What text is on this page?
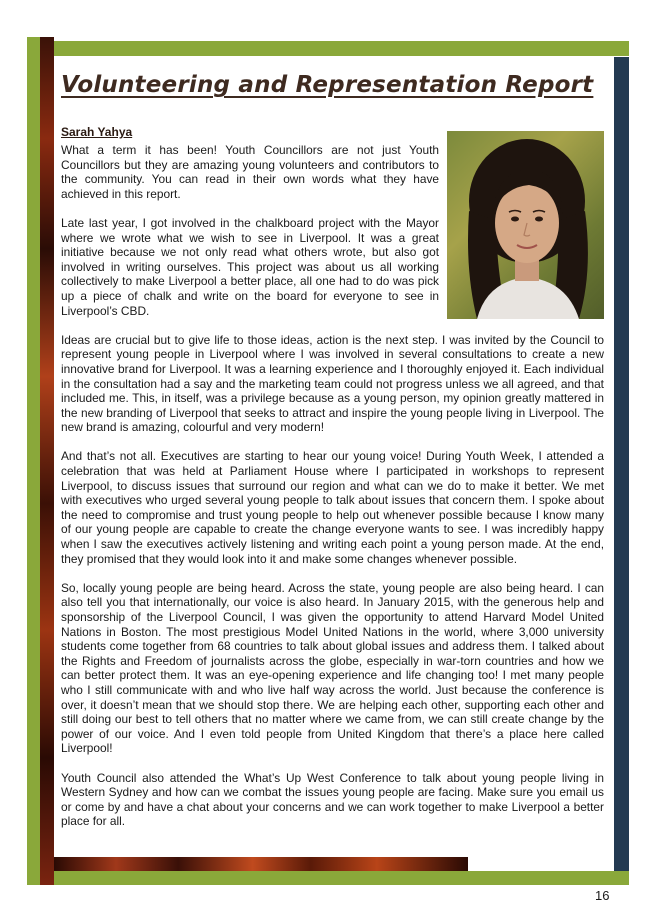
Volunteering and Representation Report
Sarah Yahya

What a term it has been! Youth Councillors are not just Youth Councillors but they are amazing young volunteers and contributors to the community. You can read in their own words what they have achieved in this report.

Late last year, I got involved in the chalkboard project with the Mayor where we wrote what we wish to see in Liverpool. It was a great initiative because we not only read what others wrote, but also got involved in writing ourselves. This project was about us all working collectively to make Liverpool a better place, all one had to do was pick up a piece of chalk and write on the board for everyone to see in Liverpool’s CBD.

Ideas are crucial but to give life to those ideas, action is the next step. I was invited by the Council to represent young people in Liverpool where I was involved in several consultations to create a new innovative brand for Liverpool. It was a learning experience and I thoroughly enjoyed it. Each individual in the consultation had a say and the marketing team could not progress unless we all agreed, and that included me. This, in itself, was a privilege because as a young person, my opinion greatly mattered in the new branding of Liverpool that seeks to attract and inspire the young people living in Liverpool. The new brand is amazing, colourful and very modern!

And that’s not all. Executives are starting to hear our young voice! During Youth Week, I attended a celebration that was held at Parliament House where I participated in workshops to represent Liverpool, to discuss issues that surround our region and what can we do to make it better. We met with executives who urged several young people to talk about issues that concern them. I spoke about the need to compromise and trust young people to help out whenever possible because I know many of our young people are capable to create the change everyone wants to see. I was incredibly happy when I saw the executives actively listening and writing each point a young person made. At the end, they promised that they would look into it and make some changes whenever possible.

So, locally young people are being heard. Across the state, young people are also being heard. I can also tell you that internationally, our voice is also heard. In January 2015, with the generous help and sponsorship of the Liverpool Council, I was given the opportunity to attend Harvard Model United Nations in Boston. The most prestigious Model United Nations in the world, where 3,000 university students come together from 68 countries to talk about global issues and address them. I talked about the Rights and Freedom of journalists across the globe, especially in war-torn countries and how we can better protect them. It was an eye-opening experience and life changing too! I met many people who I still communicate with and who live half way across the world. Just because the conference is over, it doesn’t mean that we should stop there. We are helping each other, supporting each other and still doing our best to tell others that no matter where we came from, we can still create change by the power of our voice. And I even told people from United Kingdom that there’s a place here called Liverpool!

Youth Council also attended the What’s Up West Conference to talk about young people living in Western Sydney and how can we combat the issues young people are facing. Make sure you email us or come by and have a chat about your concerns and we can work together to make Liverpool a better place for all.

16
